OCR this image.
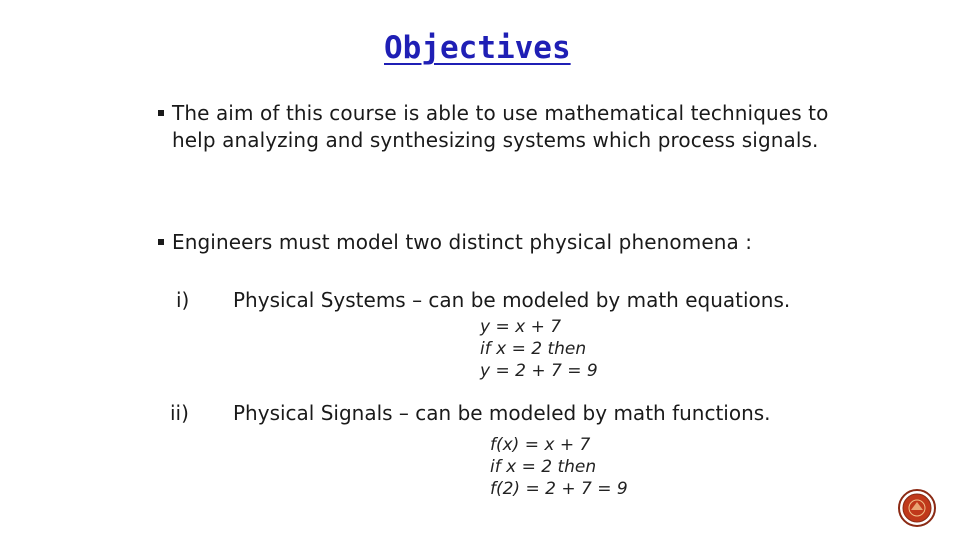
Objectives
The aim of this course is able to use mathematical techniques to help analyzing and synthesizing systems which process signals.
Engineers must model two distinct physical phenomena :
i) Physical Systems – can be modeled by math equations.
y = x + 7
if x = 2 then
y = 2 + 7 = 9
ii) Physical Signals – can be modeled by math functions.
f(x) = x + 7
if x = 2 then
f(2) = 2 + 7 = 9
